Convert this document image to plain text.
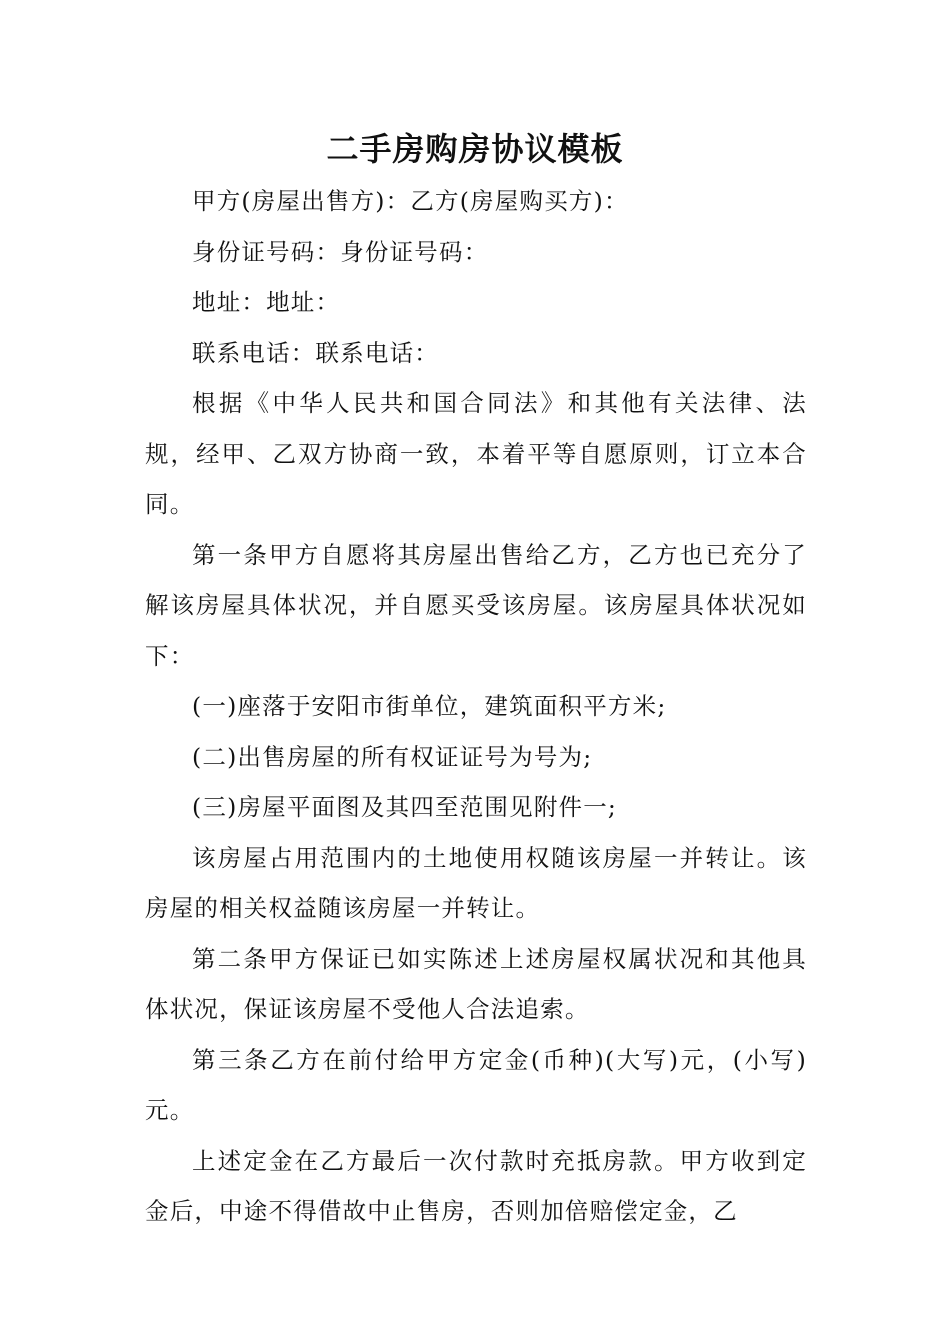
二手房购房协议模板

甲方(房屋出售方)：乙方(房屋购买方)：

身份证号码：身份证号码：

地址：地址：

联系电话：联系电话：

根据《中华人民共和国合同法》和其他有关法律、法规，经甲、乙双方协商一致，本着平等自愿原则，订立本合同。

第一条甲方自愿将其房屋出售给乙方，乙方也已充分了解该房屋具体状况，并自愿买受该房屋。该房屋具体状况如下：

(一)座落于安阳市街单位，建筑面积平方米;

(二)出售房屋的所有权证证号为号为;

(三)房屋平面图及其四至范围见附件一;

该房屋占用范围内的土地使用权随该房屋一并转让。该房屋的相关权益随该房屋一并转让。

第二条甲方保证已如实陈述上述房屋权属状况和其他具体状况，保证该房屋不受他人合法追索。

第三条乙方在前付给甲方定金(币种)(大写)元，(小写)元。

上述定金在乙方最后一次付款时充抵房款。甲方收到定金后，中途不得借故中止售房，否则加倍赔偿定金，乙
